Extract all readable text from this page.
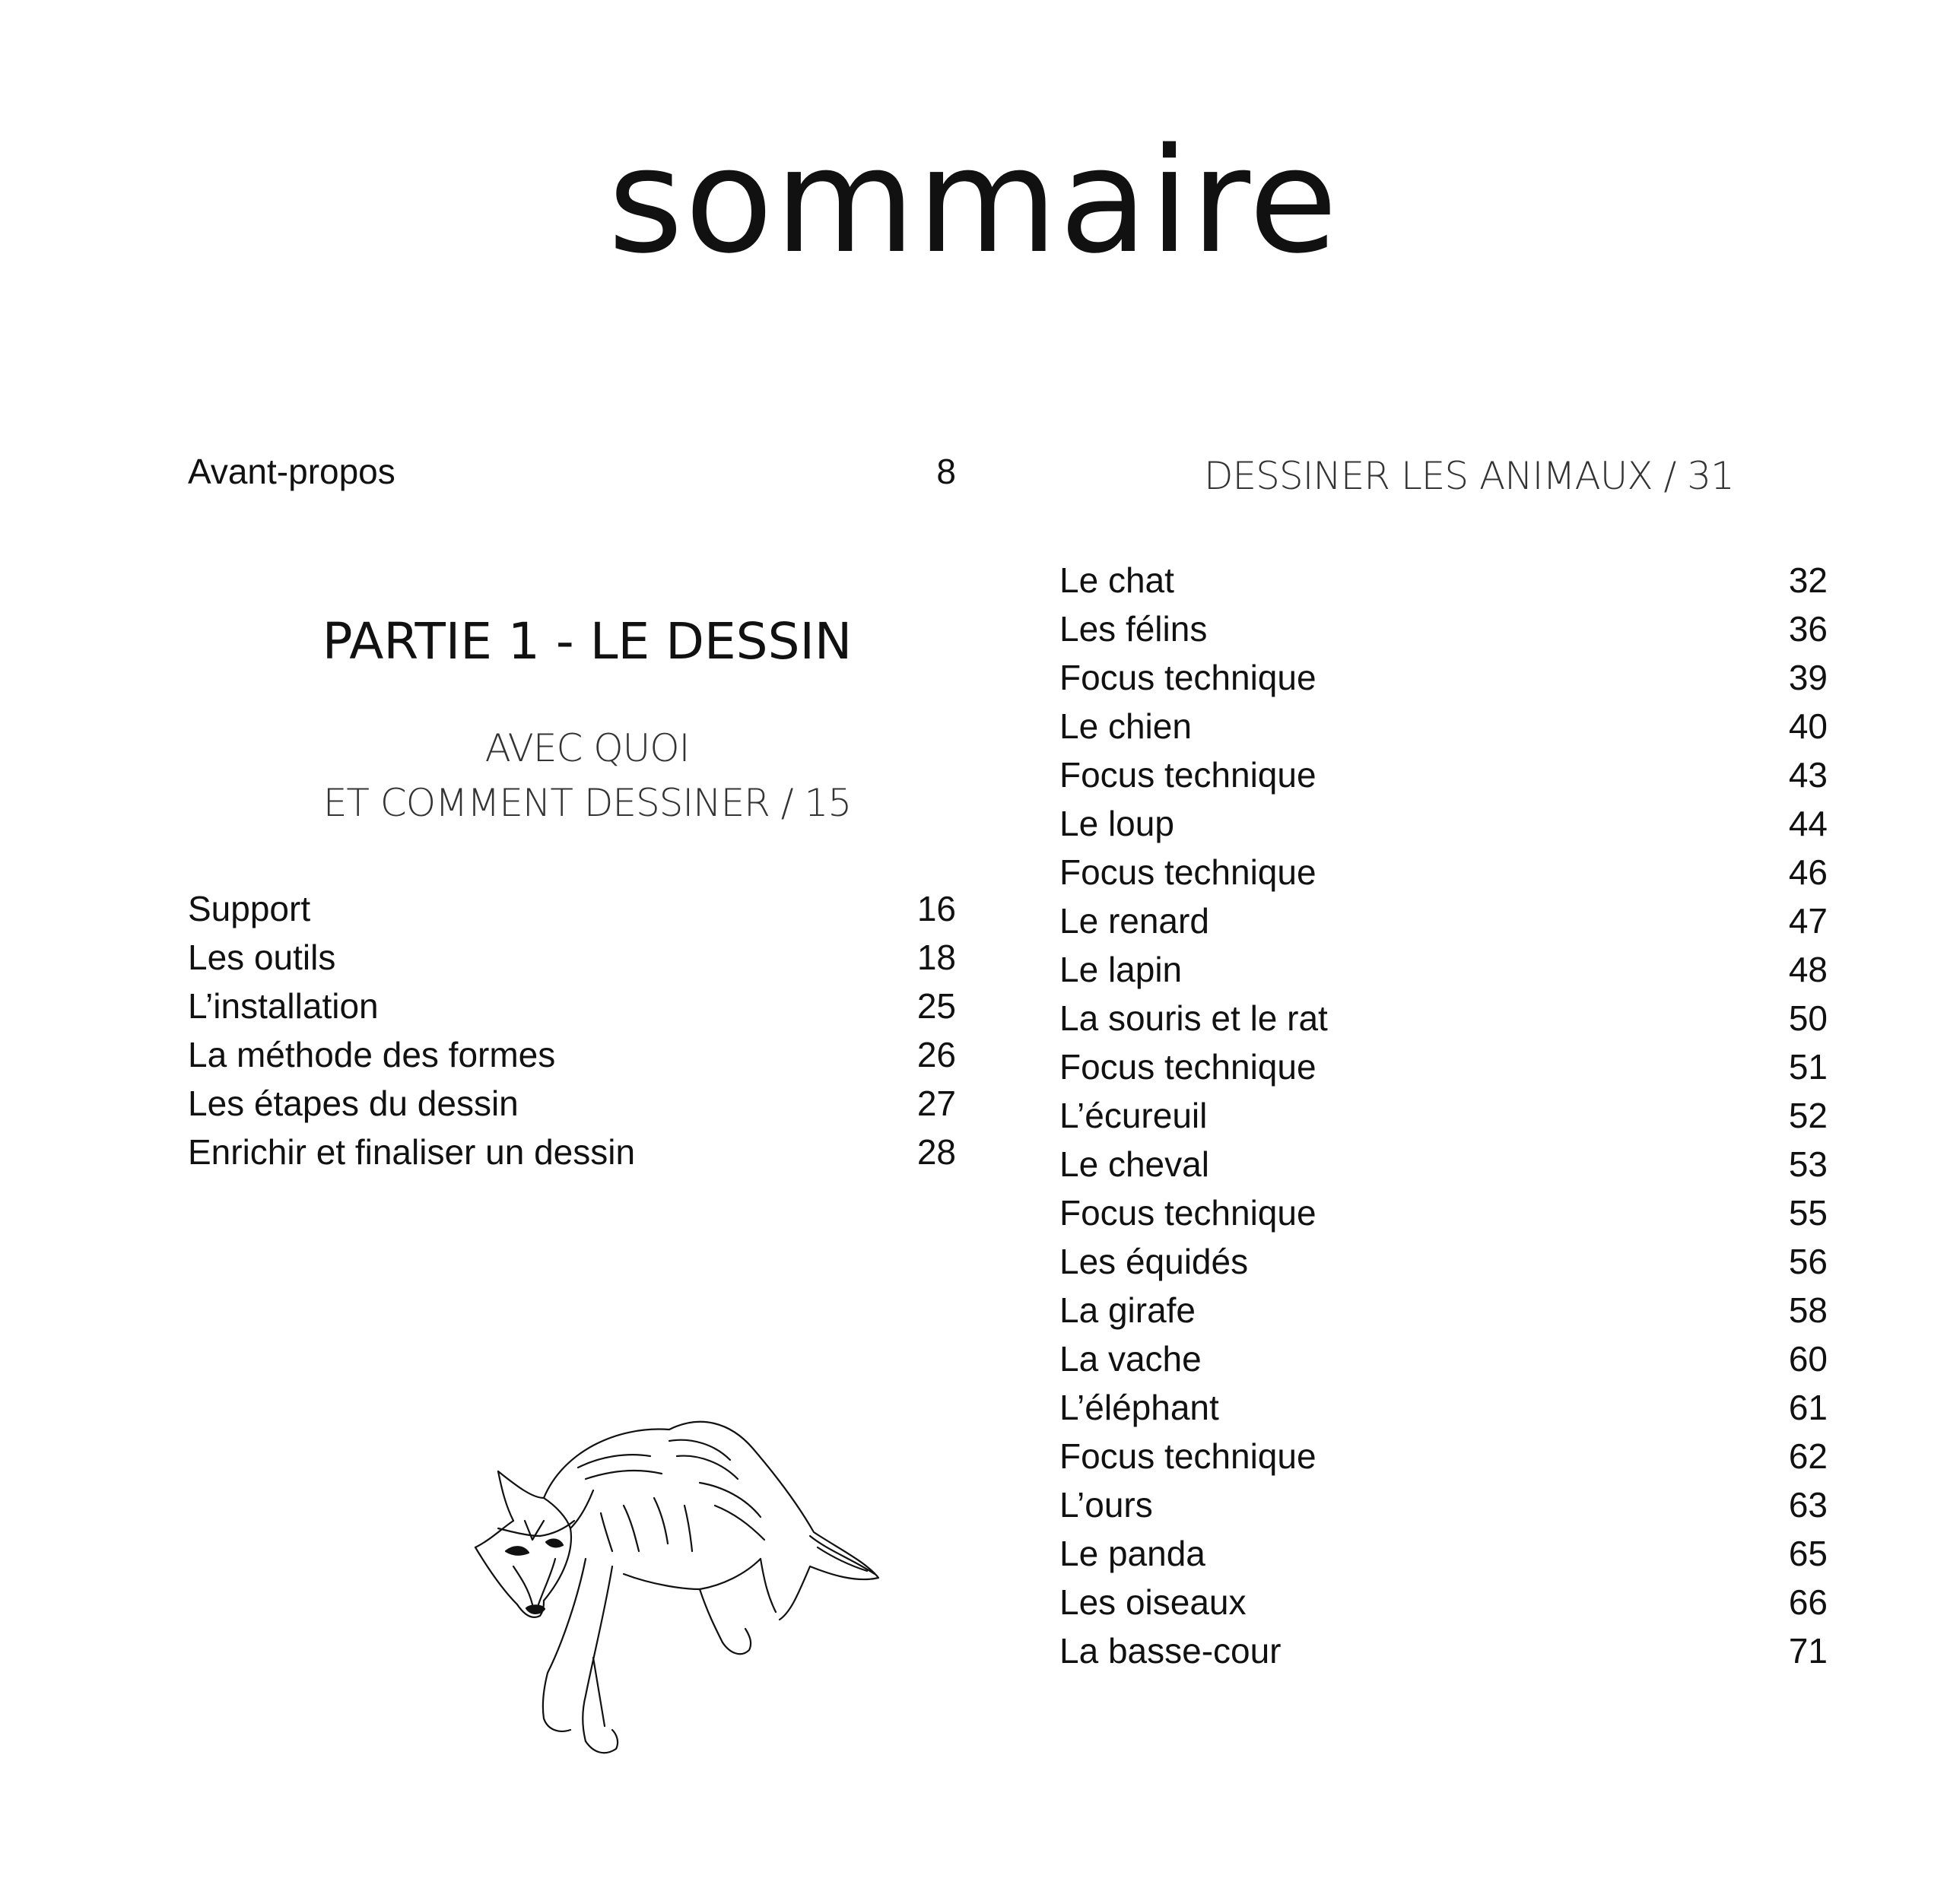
sommaire
Avant-propos	8
PARTIE 1 - LE DESSIN
AVEC QUOI
ET COMMENT DESSINER / 15
Support	16
Les outils	18
L’installation	25
La méthode des formes	26
Les étapes du dessin	27
Enrichir et finaliser un dessin	28
DESSINER LES ANIMAUX / 31
Le chat	32
Les félins	36
Focus technique	39
Le chien	40
Focus technique	43
Le loup	44
Focus technique	46
Le renard	47
Le lapin	48
La souris et le rat	50
Focus technique	51
L’écureuil	52
Le cheval	53
Focus technique	55
Les équidés	56
La girafe	58
La vache	60
L’éléphant	61
Focus technique	62
L’ours	63
Le panda	65
Les oiseaux	66
La basse-cour	71
